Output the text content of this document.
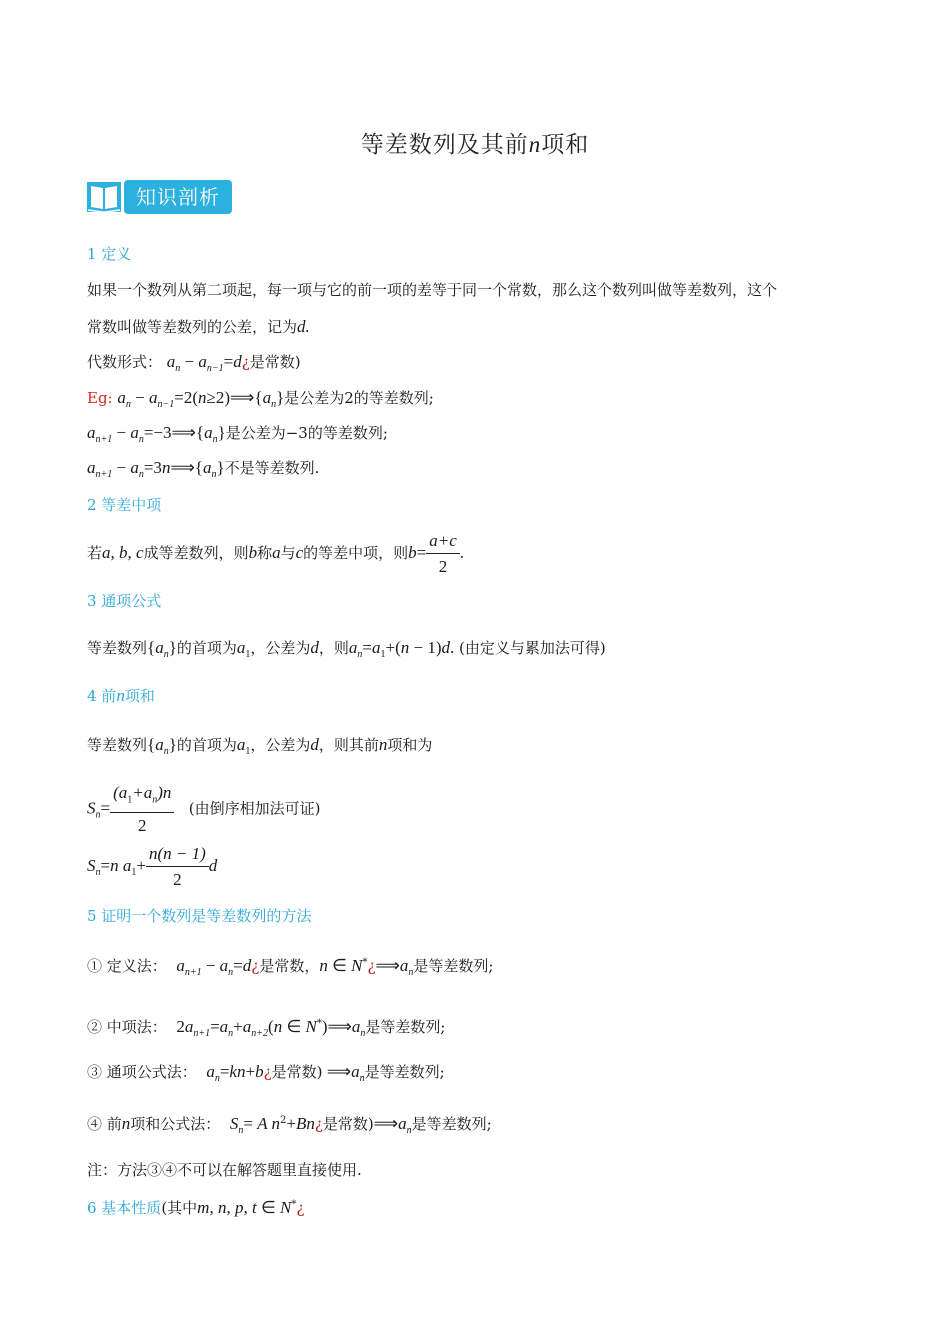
等差数列及其前n项和
知识剖析
1 定义
如果一个数列从第二项起，每一项与它的前一项的差等于同一个常数，那么这个数列叫做等差数列，这个
常数叫做等差数列的公差，记为d.
代数形式： $a_n$ − $a_{n-1}=d¿$是常数)
Eg: $a_n$ − $a_{n-1}=2(n\ge 2)⟹\{a_n\}$是公差为2的等差数列;
$a_{n+1}$ − $a_n=-3⟹\{a_n\}$是公差为−3的等差数列;
$a_{n+1}$ − $a_n=3n⟹\{a_n\}$不是等差数列.
2 等差中项
若a, b, c成等差数列，则b称a与c的等差中项，则$b= \frac{a+c}{2}$ .
3 通项公式
等差数列$\{a_n\}$的首项为$a_1$，公差为d，则$a_n=a_1+(n - 1)d$. (由定义与累加法可得)
4 前n项和
等差数列$\{a_n\}$的首项为$a_1$，公差为d，则其前n项和为
$S_n= \frac{(a_1+a_n)n}{2}$ (由倒序相加法可证)
$S_n=n$ $a_1+ \frac{n(n - 1)}{2}$ d
5 证明一个数列是等差数列的方法
① 定义法： $a_{n+1}$ − $a_n=d¿$是常数，n ∈ $N^*¿⟹a_n$是等差数列;
② 中项法： $2a_{n+1}=a_n+a_{n+2}(n$ ∈ $N^*)⟹a_n$是等差数列;
③ 通项公式法： $a_n=kn+b¿$是常数) $⟹a_n$是等差数列;
④ 前n项和公式法： $S_n= A$ $n^2+Bn¿$是常数)$⟹a_n$是等差数列;
注：方法③④不可以在解答题里直接使用.
6 基本性质(其中m, n, p, t ∈ N*¿
